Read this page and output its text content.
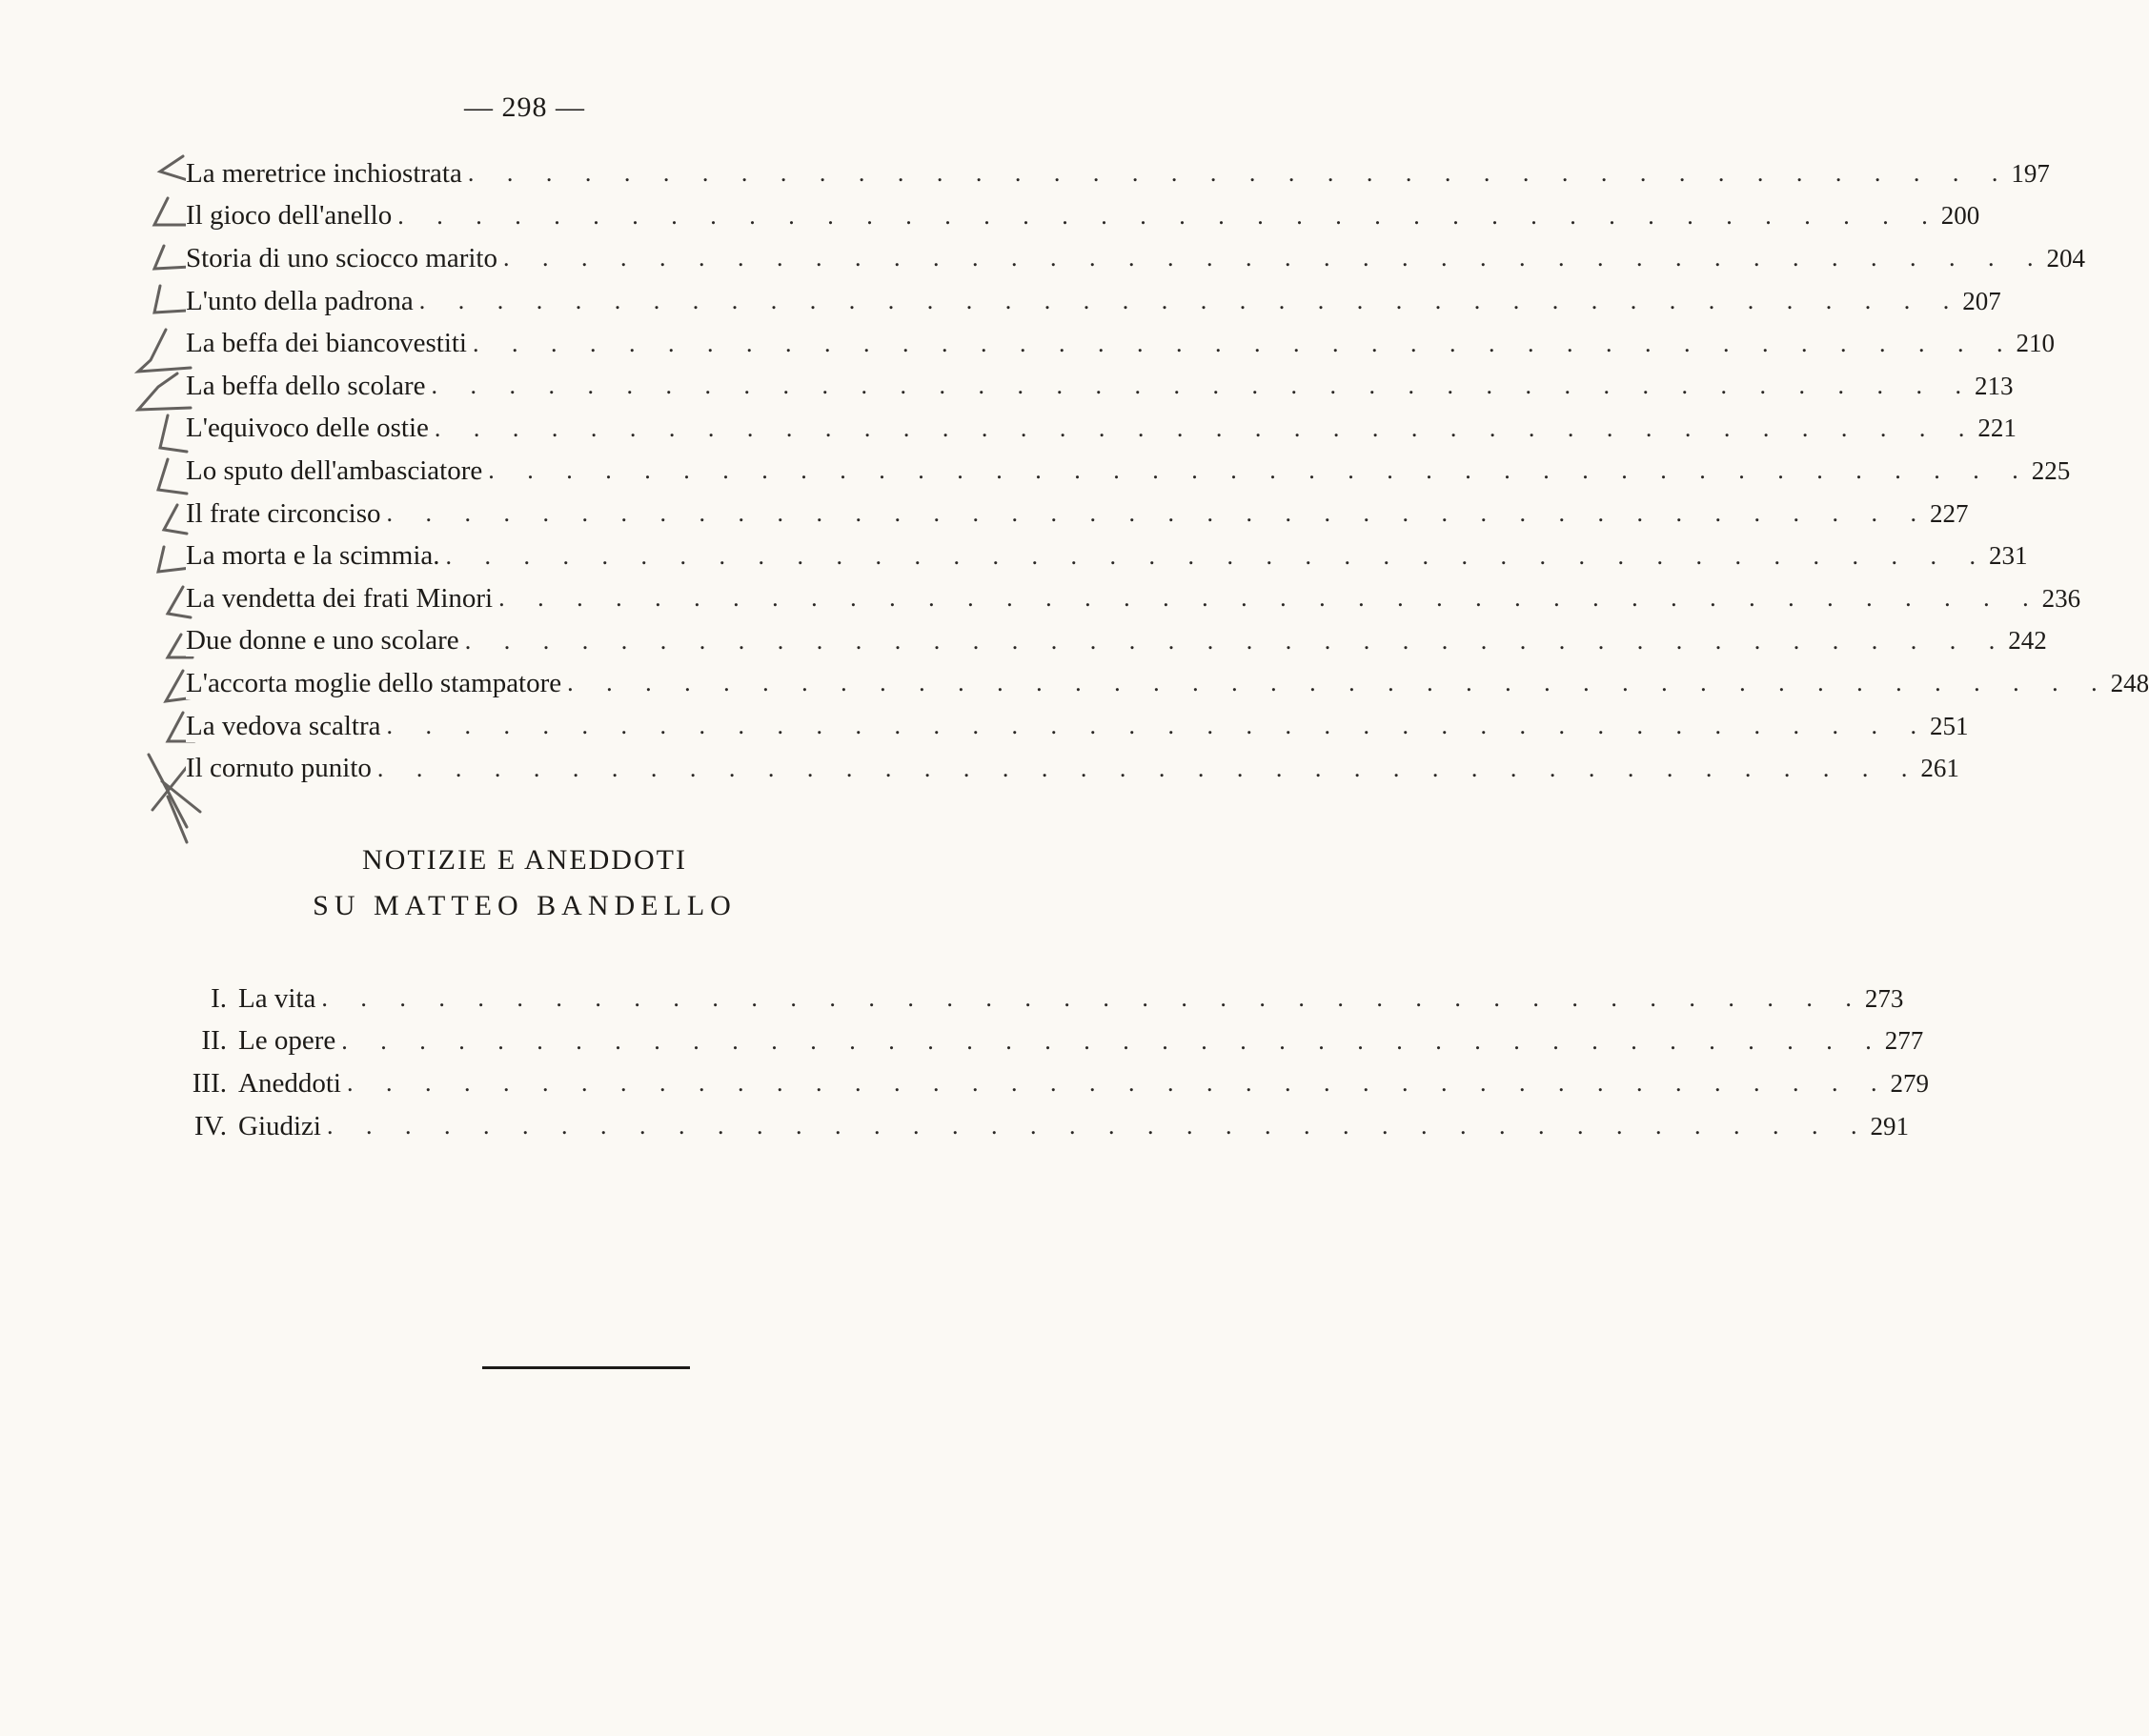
— 298 —
La meretrice inchiostrata . . . . . . . . . . . . . . . . . . . . . . . . . . . . . . . . . . . . . . . . 197
Il gioco dell'anello . . . . . . . . . . . . . . . . . . . . . . . . . . . . . . . . . . . . . . . . 200
Storia di uno sciocco marito . . . . . . . . . . . . . . . . . . . . . . . . . . . . . . . . . . . . . . . . 204
L'unto della padrona . . . . . . . . . . . . . . . . . . . . . . . . . . . . . . . . . . . . . . . . 207
La beffa dei biancovestiti . . . . . . . . . . . . . . . . . . . . . . . . . . . . . . . . . . . . . . . . 210
La beffa dello scolare . . . . . . . . . . . . . . . . . . . . . . . . . . . . . . . . . . . . . . . . 213
L'equivoco delle ostie . . . . . . . . . . . . . . . . . . . . . . . . . . . . . . . . . . . . . . . . 221
Lo sputo dell'ambasciatore . . . . . . . . . . . . . . . . . . . . . . . . . . . . . . . . . . . . . . . . 225
Il frate circonciso . . . . . . . . . . . . . . . . . . . . . . . . . . . . . . . . . . . . . . . . 227
La morta e la scimmia. . . . . . . . . . . . . . . . . . . . . . . . . . . . . . . . . . . . . . . . . 231
La vendetta dei frati Minori . . . . . . . . . . . . . . . . . . . . . . . . . . . . . . . . . . . . . . . . 236
Due donne e uno scolare . . . . . . . . . . . . . . . . . . . . . . . . . . . . . . . . . . . . . . . . 242
L'accorta moglie dello stampatore . . . . . . . . . . . . . . . . . . . . . . . . . . . . . . . . . . . . . . . . 248
La vedova scaltra . . . . . . . . . . . . . . . . . . . . . . . . . . . . . . . . . . . . . . . . 251
Il cornuto punito . . . . . . . . . . . . . . . . . . . . . . . . . . . . . . . . . . . . . . . . 261
NOTIZIE E ANEDDOTI
SU MATTEO BANDELLO
I. La vita . . . . . . . . . . . . . . . . . . . . . . . . . . . . . . . . . . . . . . . . 273
II. Le opere . . . . . . . . . . . . . . . . . . . . . . . . . . . . . . . . . . . . . . . . 277
III. Aneddoti . . . . . . . . . . . . . . . . . . . . . . . . . . . . . . . . . . . . . . . . 279
IV. Giudizi . . . . . . . . . . . . . . . . . . . . . . . . . . . . . . . . . . . . . . . . 291
